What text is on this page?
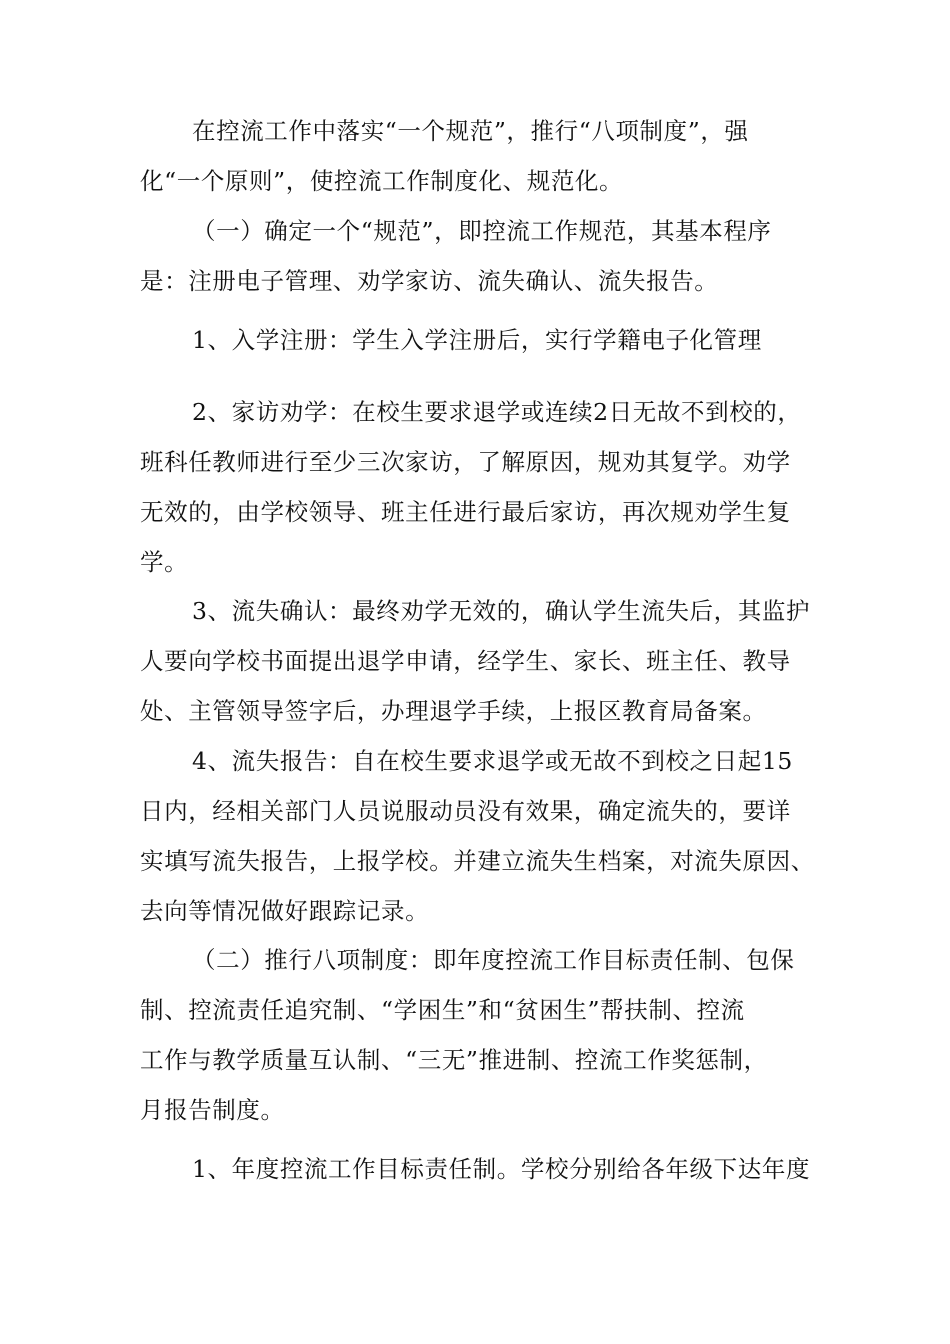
在控流工作中落实“一个规范”，推行“八项制度”，强
化“一个原则”，使控流工作制度化、规范化。
（一）确定一个“规范”，即控流工作规范，其基本程序
是：注册电子管理、劝学家访、流失确认、流失报告。
1、入学注册：学生入学注册后，实行学籍电子化管理
2、家访劝学：在校生要求退学或连续2日无故不到校的，
班科任教师进行至少三次家访，了解原因，规劝其复学。劝学
无效的，由学校领导、班主任进行最后家访，再次规劝学生复
学。
3、流失确认：最终劝学无效的，确认学生流失后，其监护
人要向学校书面提出退学申请，经学生、家长、班主任、教导
处、主管领导签字后，办理退学手续，上报区教育局备案。
4、流失报告：自在校生要求退学或无故不到校之日起15
日内，经相关部门人员说服动员没有效果，确定流失的，要详
实填写流失报告，上报学校。并建立流失生档案，对流失原因、
去向等情况做好跟踪记录。
（二）推行八项制度：即年度控流工作目标责任制、包保
制、控流责任追究制、“学困生”和“贫困生”帮扶制、控流
工作与教学质量互认制、“三无”推进制、控流工作奖惩制，
月报告制度。
1、年度控流工作目标责任制。学校分别给各年级下达年度
